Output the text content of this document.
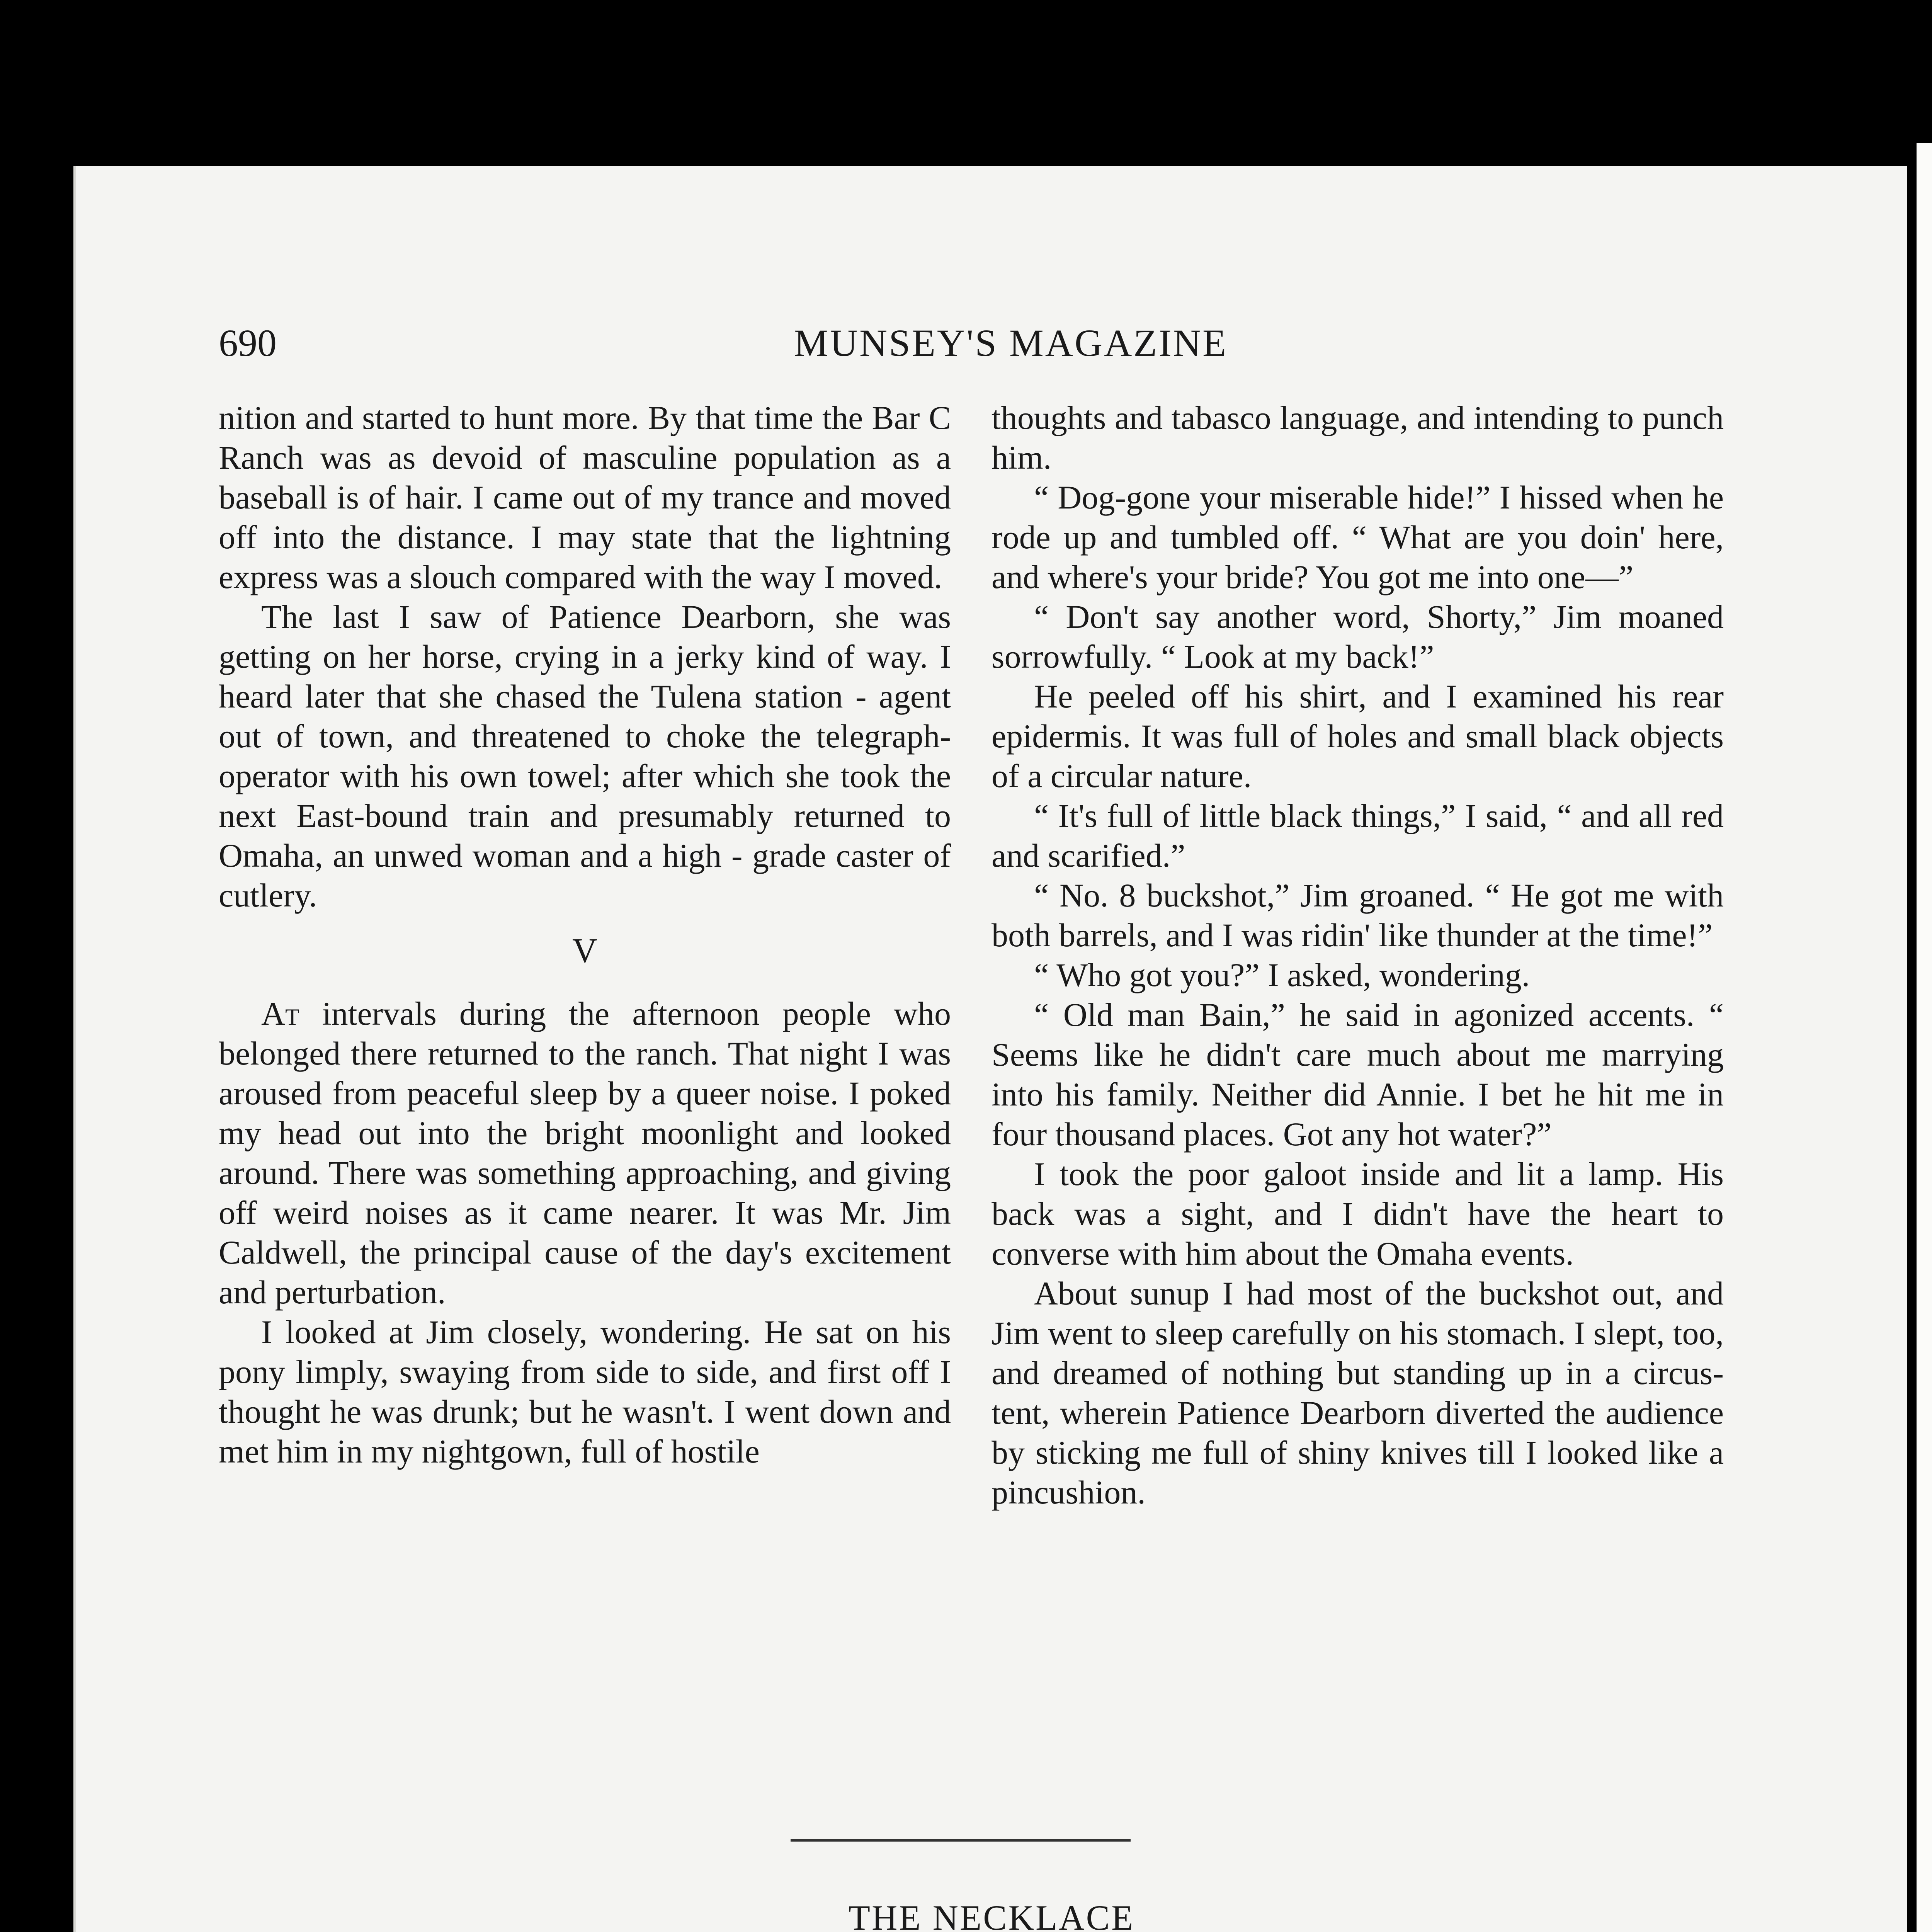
690	MUNSEY'S MAGAZINE

nition and started to hunt more. By that time the Bar C Ranch was as devoid of masculine population as a baseball is of hair. I came out of my trance and moved off into the distance. I may state that the lightning express was a slouch compared with the way I moved.

The last I saw of Patience Dearborn, she was getting on her horse, crying in a jerky kind of way. I heard later that she chased the Tulena station - agent out of town, and threatened to choke the telegraph-operator with his own towel; after which she took the next East-bound train and presumably returned to Omaha, an unwed woman and a high - grade caster of cutlery.

V

At intervals during the afternoon people who belonged there returned to the ranch. That night I was aroused from peaceful sleep by a queer noise. I poked my head out into the bright moonlight and looked around. There was something approaching, and giving off weird noises as it came nearer. It was Mr. Jim Caldwell, the principal cause of the day's excitement and perturbation.

I looked at Jim closely, wondering. He sat on his pony limply, swaying from side to side, and first off I thought he was drunk; but he wasn't. I went down and met him in my nightgown, full of hostile

thoughts and tabasco language, and intending to punch him.

“ Dog-gone your miserable hide!” I hissed when he rode up and tumbled off. “ What are you doin' here, and where's your bride? You got me into one—”

“ Don't say another word, Shorty,” Jim moaned sorrowfully. “ Look at my back!”

He peeled off his shirt, and I examined his rear epidermis. It was full of holes and small black objects of a circular nature.

“ It's full of little black things,” I said, “ and all red and scarified.”

“ No. 8 buckshot,” Jim groaned. “ He got me with both barrels, and I was ridin' like thunder at the time!”

“ Who got you?” I asked, wondering.

“ Old man Bain,” he said in agonized accents. “ Seems like he didn't care much about me marrying into his family. Neither did Annie. I bet he hit me in four thousand places. Got any hot water?”

I took the poor galoot inside and lit a lamp. His back was a sight, and I didn't have the heart to converse with him about the Omaha events.

About sunup I had most of the buckshot out, and Jim went to sleep carefully on his stomach. I slept, too, and dreamed of nothing but standing up in a circus-tent, wherein Patience Dearborn diverted the audience by sticking me full of shiny knives till I looked like a pincushion.

THE NECKLACE
